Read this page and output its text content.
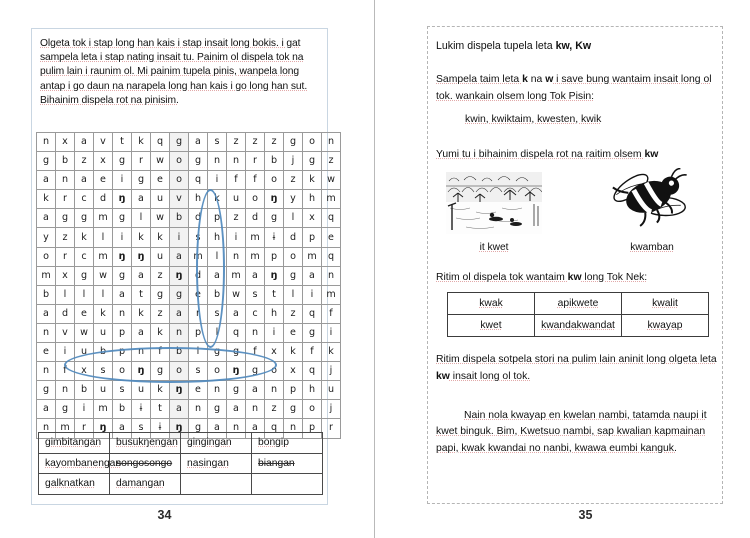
Olgeta tok i stap long han kais i stap insait long bokis. i gat sampela leta i stap nating insait tu. Painim ol dispela tok na pulim lain i raunim ol. Mi painim tupela pinis, wanpela long antap i go daun na narapela long han kais i go long han sut. Bihainim dispela rot na pinisim.
n	x	a	v	t	k	q	g	a	s	z	z	z	g	o	n
g	b	z	x	g	r	w	o	g	n	n	r	b	j	g	z
a	n	a	e	i	g	e	o	q	i	f	f	o	z	k	w
k	r	c	d	ŋ	a	u	v	h	k	u	o	ŋ	y	h	m
a	g	g	m	g	l	w	b	d	p	z	d	g	l	x	q
y	z	k	l	i	k	k	i	s	h	i	m	ɨ	d	p	e
o	r	c	m	ŋ	ŋ	u	a	m	l	n	m	p	o	m	q
m	x	g	w	g	a	z	ŋ	d	a	m	a	ŋ	g	a	n
b	l	l	l	a	t	g	g	e	b	w	s	t	l	i	m
a	d	e	k	n	k	z	a	r	s	a	c	h	z	q	f
n	v	w	u	p	a	k	n	p	l	q	n	i	e	g	i
e	i	u	b	p	n	f	b	l	g	g	f	x	k	f	k
n	f	x	s	o	ŋ	g	o	s	o	ŋ	g	o	x	q	j
g	n	b	u	s	u	k	ŋ	e	n	g	a	n	p	h	u
a	g	i	m	b	ɨ	t	a	n	g	a	n	z	g	o	j
n	m	r	ŋ	a	s	ɨ	ŋ	g	a	n	a	q	n	p	r
gimbitangan	busukŋengan	gingingan	bongip
kayombanengan	songosongo	nasingan	biangan
galknatkan	damangan		
34
Lukim dispela tupela leta kw, Kw
Sampela taim leta k na w i save bung wantaim insait long ol tok. wankain olsem long Tok Pisin:
kwin, kwiktaim, kwesten, kwik
Yumi tu i bihainim dispela rot na raitim olsem kw
it kwet	kwamban
Ritim ol dispela tok wantaim kw long Tok Nek:
kwak	apikwete	kwalit
kwet	kwandakwandat	kwayap
Ritim dispela sotpela stori na pulim lain aninit long olgeta leta kw insait long ol tok.
Nain nola kwayap en kwelan nambi, tatamda naupi it kwet binguk. Bim, Kwetsuo nambi, sap kwalian kapmainan papi, kwak kwandai no nanbi, kwawa eumbi kanguk.
35
